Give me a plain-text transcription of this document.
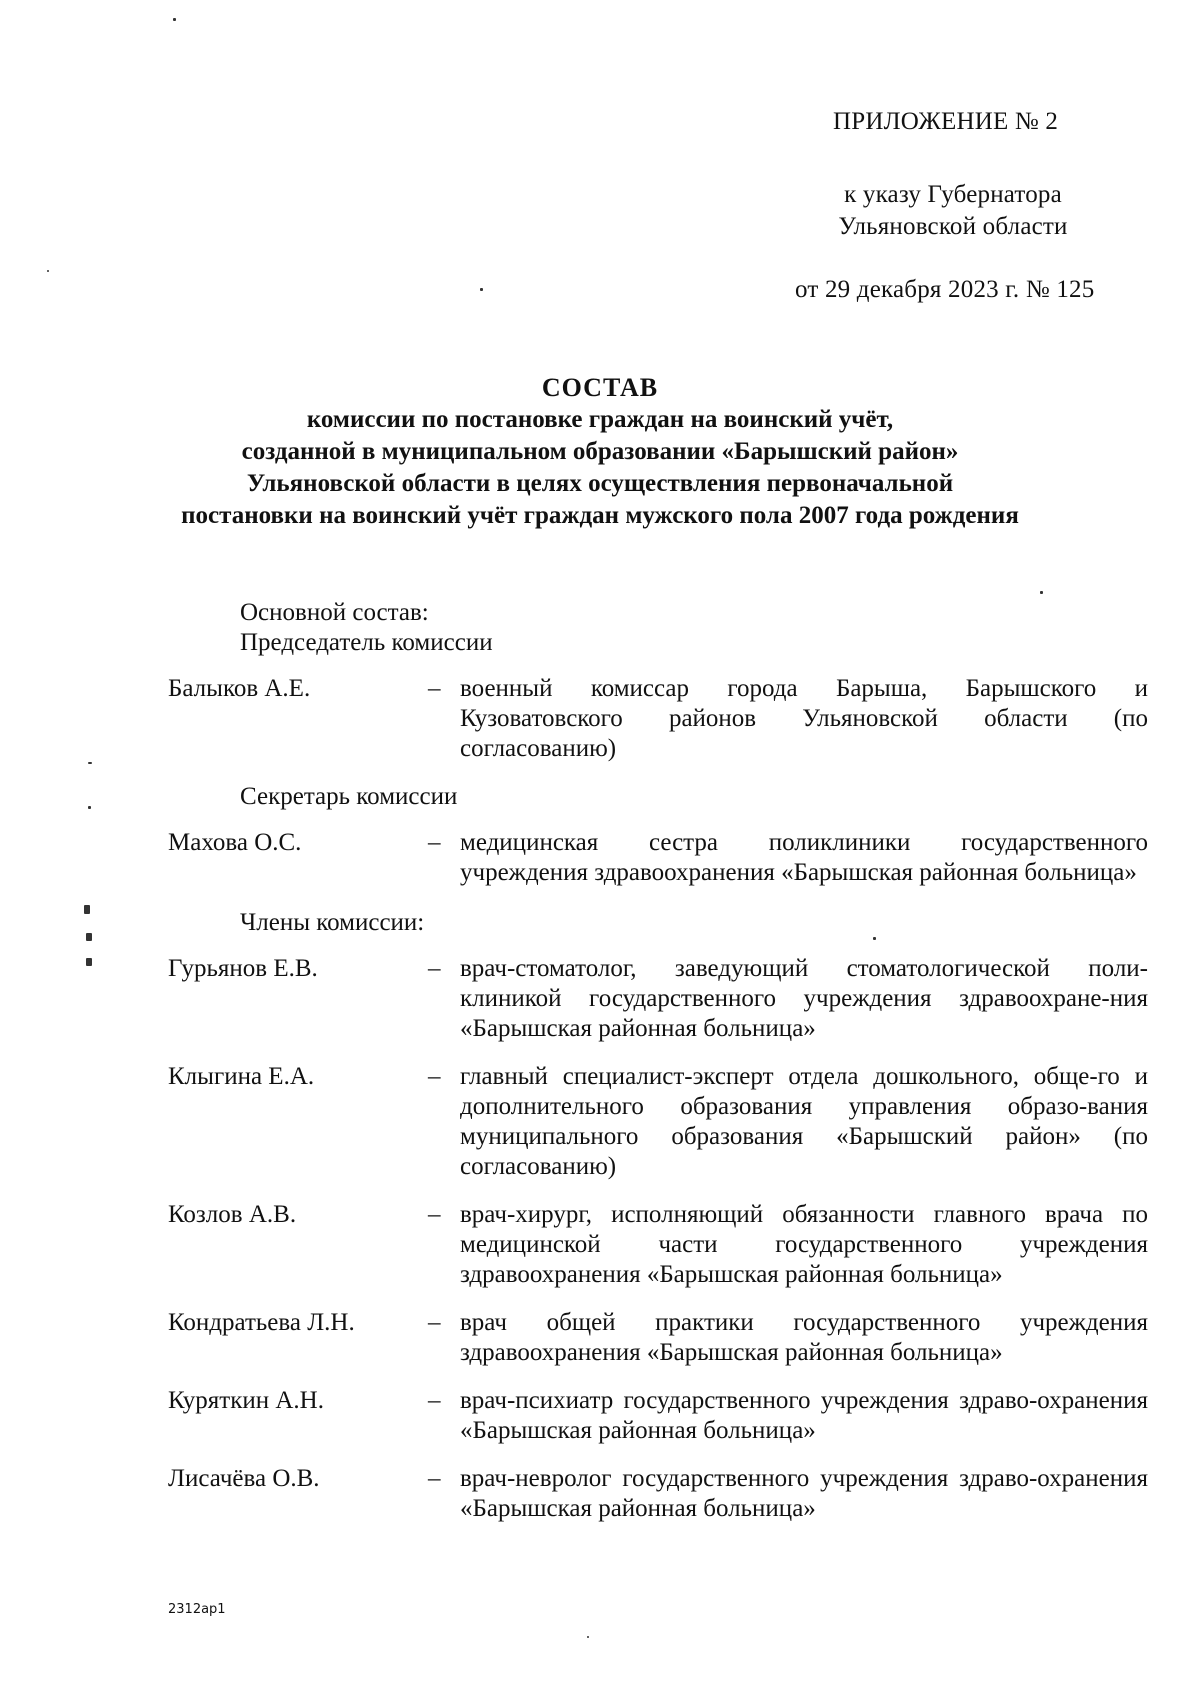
ПРИЛОЖЕНИЕ № 2
к указу Губернатора
Ульяновской области
от 29 декабря 2023 г. № 125
СОСТАВ
комиссии по постановке граждан на воинский учёт,
созданной в муниципальном образовании «Барышский район»
Ульяновской области в целях осуществления первоначальной
постановки на воинский учёт граждан мужского пола 2007 года рождения
Основной состав:
Председатель комиссии
Балыков А.Е.	– военный комиссар города Барыша, Барышского и Кузоватовского районов Ульяновской области (по согласованию)
Секретарь комиссии
Махова О.С.	– медицинская сестра поликлиники государственного учреждения здравоохранения «Барышская районная больница»
Члены комиссии:
Гурьянов Е.В.	– врач-стоматолог, заведующий стоматологической поли-клиникой государственного учреждения здравоохране-ния «Барышская районная больница»
Клыгина Е.А.	– главный специалист-эксперт отдела дошкольного, обще-го и дополнительного образования управления образо-вания муниципального образования «Барышский район» (по согласованию)
Козлов А.В.	– врач-хирург, исполняющий обязанности главного врача по медицинской части государственного учреждения здравоохранения «Барышская районная больница»
Кондратьева Л.Н.	– врач общей практики государственного учреждения здравоохранения «Барышская районная больница»
Куряткин А.Н.	– врач-психиатр государственного учреждения здраво-охранения «Барышская районная больница»
Лисачёва О.В.	– врач-невролог государственного учреждения здраво-охранения «Барышская районная больница»
2312ap1
